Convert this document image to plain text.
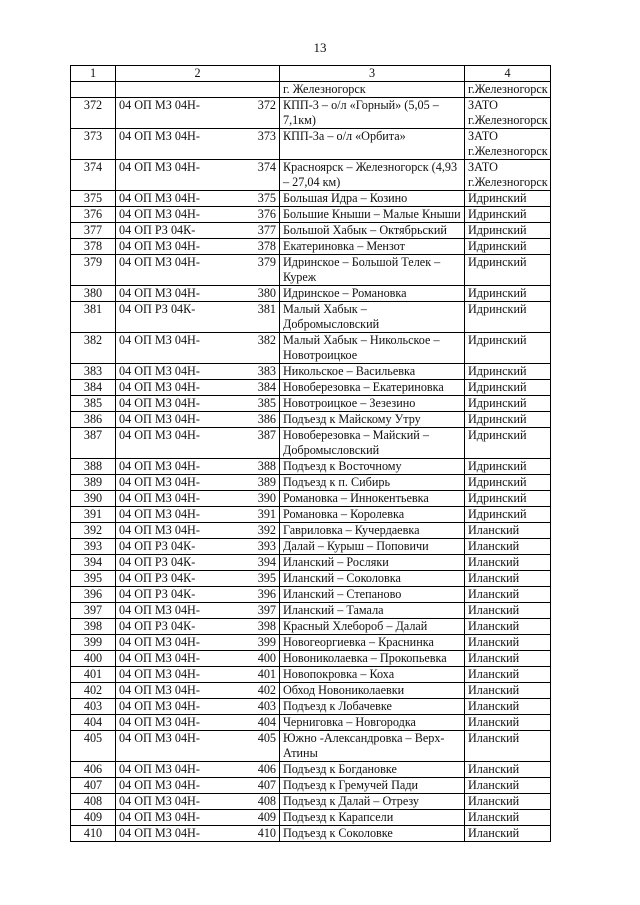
13
1	2	3	4
		г. Железногорск	г.Железногорск
372	04 ОП МЗ 04Н- 372	КПП-3 – о/л «Горный» (5,05 – 7,1км)	ЗАТО г.Железногорск
373	04 ОП МЗ 04Н- 373	КПП-3а – о/л «Орбита»	ЗАТО г.Железногорск
374	04 ОП МЗ 04Н- 374	Красноярск – Железногорск (4,93 – 27,04 км)	ЗАТО г.Железногорск
375	04 ОП МЗ 04Н- 375	Большая Идра – Козино	Идринский
376	04 ОП МЗ 04Н- 376	Большие Кныши – Малые Кныши	Идринский
377	04 ОП РЗ 04К- 377	Большой Хабык – Октябрьский	Идринский
378	04 ОП МЗ 04Н- 378	Екатериновка – Мензот	Идринский
379	04 ОП МЗ 04Н- 379	Идринское – Большой Телек – Куреж	Идринский
380	04 ОП МЗ 04Н- 380	Идринское – Романовка	Идринский
381	04 ОП РЗ 04К- 381	Малый Хабык – Добромысловский	Идринский
382	04 ОП МЗ 04Н- 382	Малый Хабык – Никольское – Новотроицкое	Идринский
383	04 ОП МЗ 04Н- 383	Никольское – Васильевка	Идринский
384	04 ОП МЗ 04Н- 384	Новоберезовка – Екатериновка	Идринский
385	04 ОП МЗ 04Н- 385	Новотроицкое – Зезезино	Идринский
386	04 ОП МЗ 04Н- 386	Подъезд к Майскому Утру	Идринский
387	04 ОП МЗ 04Н- 387	Новоберезовка – Майский – Добромысловский	Идринский
388	04 ОП МЗ 04Н- 388	Подъезд к Восточному	Идринский
389	04 ОП МЗ 04Н- 389	Подъезд к п. Сибирь	Идринский
390	04 ОП МЗ 04Н- 390	Романовка – Иннокентьевка	Идринский
391	04 ОП МЗ 04Н- 391	Романовка – Королевка	Идринский
392	04 ОП МЗ 04Н- 392	Гавриловка – Кучердаевка	Иланский
393	04 ОП РЗ 04К- 393	Далай – Курыш – Поповичи	Иланский
394	04 ОП РЗ 04К- 394	Иланский – Росляки	Иланский
395	04 ОП РЗ 04К- 395	Иланский – Соколовка	Иланский
396	04 ОП РЗ 04К- 396	Иланский – Степаново	Иланский
397	04 ОП МЗ 04Н- 397	Иланский – Тамала	Иланский
398	04 ОП РЗ 04К- 398	Красный Хлебороб – Далай	Иланский
399	04 ОП МЗ 04Н- 399	Новогеоргиевка – Краснинка	Иланский
400	04 ОП МЗ 04Н- 400	Новониколаевка – Прокопьевка	Иланский
401	04 ОП МЗ 04Н- 401	Новопокровка – Коха	Иланский
402	04 ОП МЗ 04Н- 402	Обход Новониколаевки	Иланский
403	04 ОП МЗ 04Н- 403	Подъезд к Лобачевке	Иланский
404	04 ОП МЗ 04Н- 404	Черниговка – Новгородка	Иланский
405	04 ОП МЗ 04Н- 405	Южно -Александровка – Верх-Атины	Иланский
406	04 ОП МЗ 04Н- 406	Подъезд к Богдановке	Иланский
407	04 ОП МЗ 04Н- 407	Подъезд к Гремучей Пади	Иланский
408	04 ОП МЗ 04Н- 408	Подъезд к Далай – Отрезу	Иланский
409	04 ОП МЗ 04Н- 409	Подъезд к Карапсели	Иланский
410	04 ОП МЗ 04Н- 410	Подъезд к Соколовке	Иланский
